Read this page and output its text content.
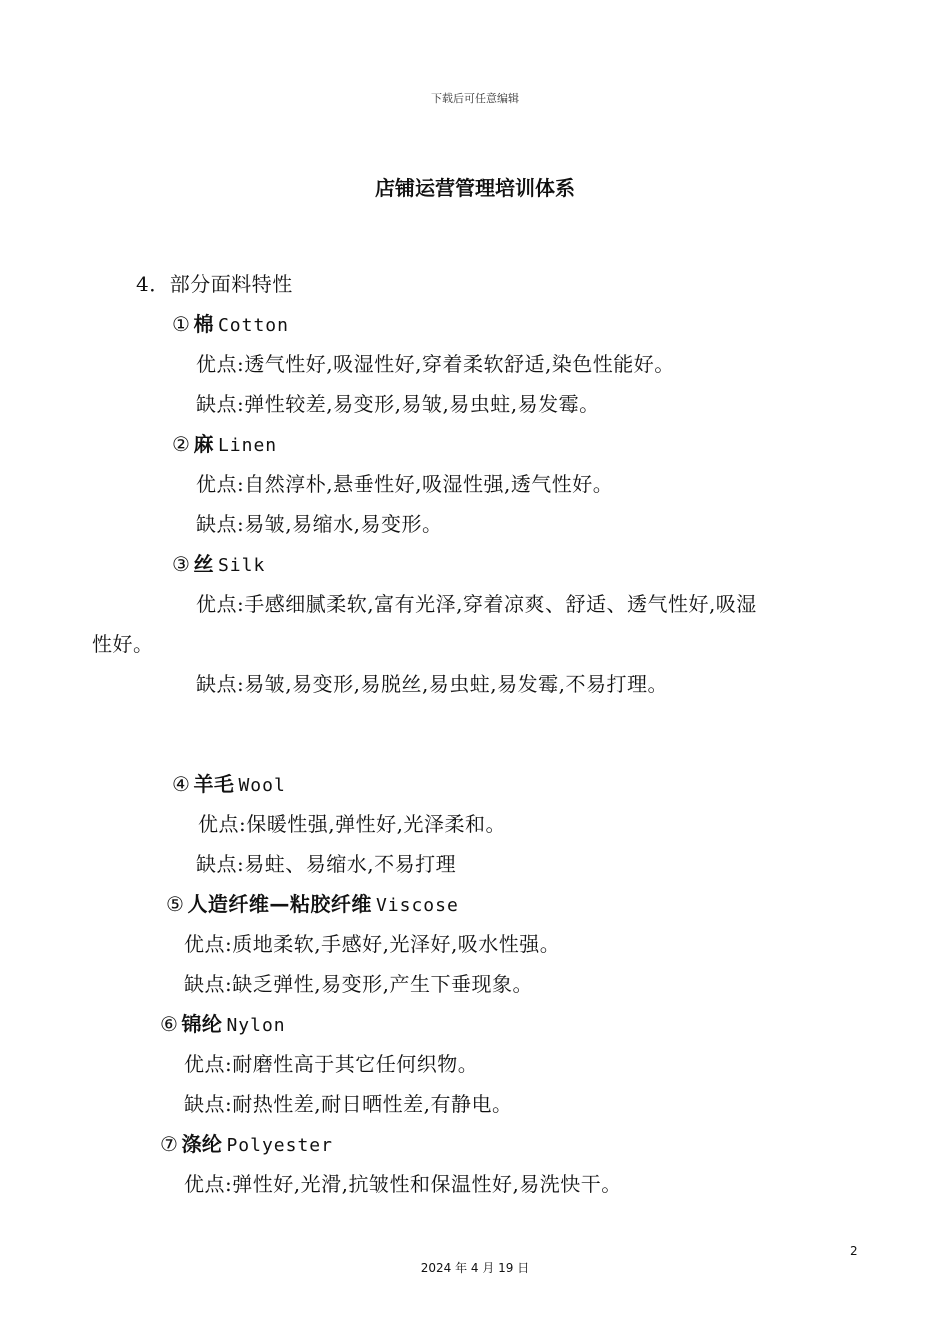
下载后可任意编辑
店铺运营管理培训体系
4．部分面料特性
① 棉 Cotton
优点:透气性好,吸湿性好,穿着柔软舒适,染色性能好。
缺点:弹性较差,易变形,易皱,易虫蛀,易发霉。
② 麻 Linen
优点:自然淳朴,悬垂性好,吸湿性强,透气性好。
缺点:易皱,易缩水,易变形。
③ 丝 Silk
优点:手感细腻柔软,富有光泽,穿着凉爽、舒适、透气性好,吸湿
性好。
缺点:易皱,易变形,易脱丝,易虫蛀,易发霉,不易打理。
④ 羊毛 Wool
优点:保暖性强,弹性好,光泽柔和。
缺点:易蛀、易缩水,不易打理
⑤ 人造纤维—粘胶纤维 Viscose
优点:质地柔软,手感好,光泽好,吸水性强。
缺点:缺乏弹性,易变形,产生下垂现象。
⑥ 锦纶 Nylon
优点:耐磨性高于其它任何织物。
缺点:耐热性差,耐日晒性差,有静电。
⑦ 涤纶 Polyester
优点:弹性好,光滑,抗皱性和保温性好,易洗快干。
2
2024 年 4 月 19 日
